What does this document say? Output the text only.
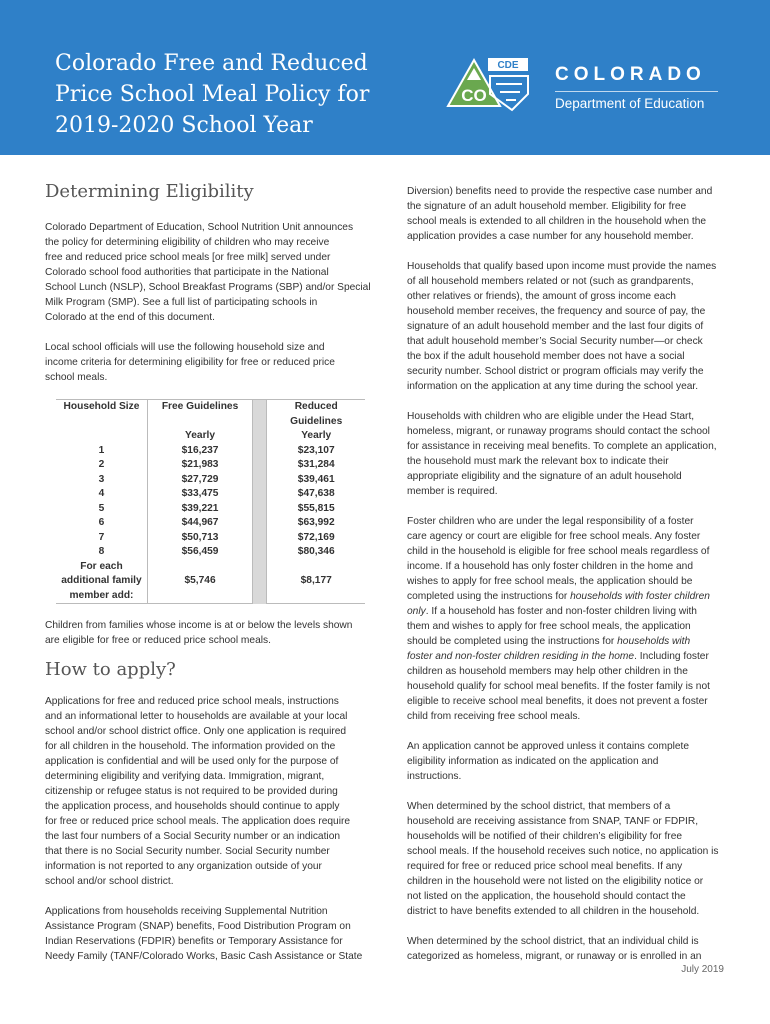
Colorado Free and Reduced
Price School Meal Policy for
2019-2020 School Year
CO
CDE COLORADO
Department of Education
Determining Eligibility

Colorado Department of Education, School Nutrition Unit announces
the policy for determining eligibility of children who may receive
free and reduced price school meals [or free milk] served under
Colorado school food authorities that participate in the National
School Lunch (NSLP), School Breakfast Programs (SBP) and/or Special
Milk Program (SMP). See a full list of participating schools in
Colorado at the end of this document.

Local school officials will use the following household size and
income criteria for determining eligibility for free or reduced price
school meals.

Household Size	Free Guidelines		Reduced
Guidelines
	Yearly		Yearly
1	$16,237		$23,107
2	$21,983		$31,284
3	$27,729		$39,461
4	$33,475		$47,638
5	$39,221		$55,815
6	$44,967		$63,992
7	$50,713		$72,169
8	$56,459		$80,346
For each
additional family
member add:	$5,746		$8,177

Children from families whose income is at or below the levels shown
are eligible for free or reduced price school meals.

How to apply?

Applications for free and reduced price school meals, instructions
and an informational letter to households are available at your local
school and/or school district office. Only one application is required
for all children in the household. The information provided on the
application is confidential and will be used only for the purpose of
determining eligibility and verifying data. Immigration, migrant,
citizenship or refugee status is not required to be provided during
the application process, and households should continue to apply
for free or reduced price school meals. The application does require
the last four numbers of a Social Security number or an indication
that there is no Social Security number. Social Security number
information is not reported to any organization outside of your
school and/or school district.

Applications from households receiving Supplemental Nutrition
Assistance Program (SNAP) benefits, Food Distribution Program on
Indian Reservations (FDPIR) benefits or Temporary Assistance for
Needy Family (TANF/Colorado Works, Basic Cash Assistance or State

Diversion) benefits need to provide the respective case number and
the signature of an adult household member. Eligibility for free
school meals is extended to all children in the household when the
application provides a case number for any household member.

Households that qualify based upon income must provide the names
of all household members related or not (such as grandparents,
other relatives or friends), the amount of gross income each
household member receives, the frequency and source of pay, the
signature of an adult household member and the last four digits of
that adult household member’s Social Security number—or check
the box if the adult household member does not have a social
security number. School district or program officials may verify the
information on the application at any time during the school year.

Households with children who are eligible under the Head Start,
homeless, migrant, or runaway programs should contact the school
for assistance in receiving meal benefits. To complete an application,
the household must mark the relevant box to indicate their
appropriate eligibility and the signature of an adult household
member is required.

Foster children who are under the legal responsibility of a foster
care agency or court are eligible for free school meals. Any foster
child in the household is eligible for free school meals regardless of
income. If a household has only foster children in the home and
wishes to apply for free school meals, the application should be
completed using the instructions for households with foster children
only. If a household has foster and non-foster children living with
them and wishes to apply for free school meals, the application
should be completed using the instructions for households with
foster and non-foster children residing in the home. Including foster
children as household members may help other children in the
household qualify for school meal benefits. If the foster family is not
eligible to receive school meal benefits, it does not prevent a foster
child from receiving free school meals.

An application cannot be approved unless it contains complete
eligibility information as indicated on the application and
instructions.

When determined by the school district, that members of a
household are receiving assistance from SNAP, TANF or FDPIR,
households will be notified of their children’s eligibility for free
school meals. If the household receives such notice, no application is
required for free or reduced price school meal benefits. If any
children in the household were not listed on the eligibility notice or
not listed on the application, the household should contact the
district to have benefits extended to all children in the household.

When determined by the school district, that an individual child is
categorized as homeless, migrant, or runaway or is enrolled in an

July 2019
